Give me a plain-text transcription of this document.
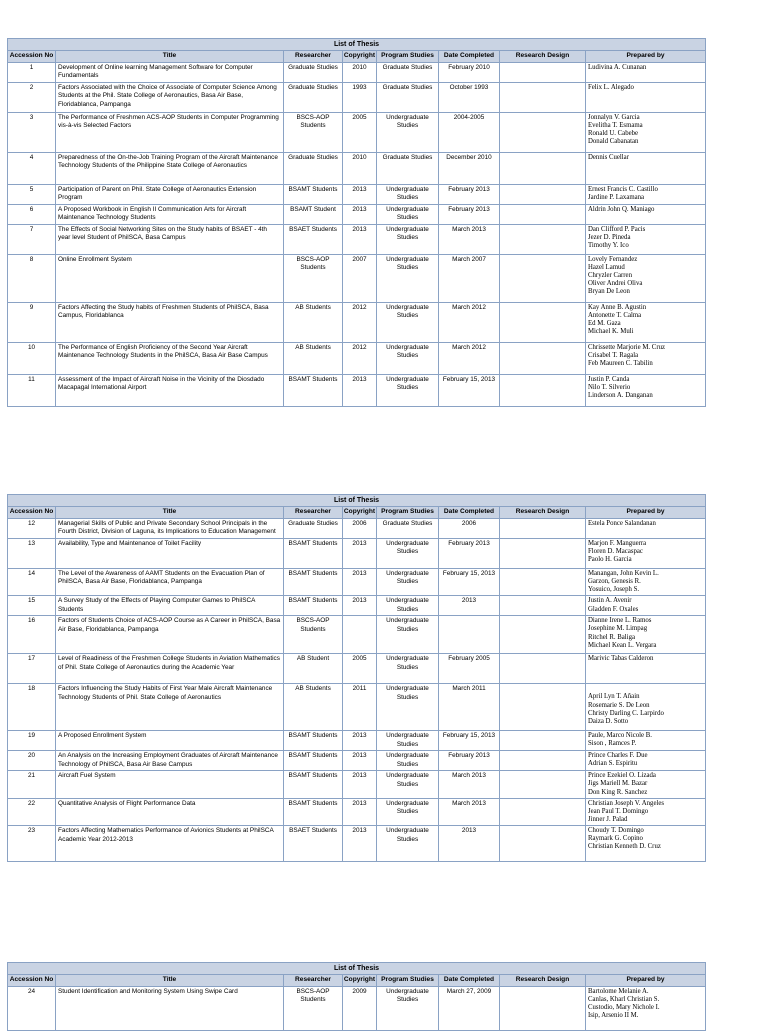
List of Thesis							
Accession No	Title	Researcher	Copyright	Program Studies	Date Completed	Research Design	Prepared by
1	Development of Online learning Management Software for Computer Fundamentals	Graduate Studies	2010	Graduate Studies	February 2010		Ludivina A. Cunanan

2	Factors Associated with the Choice of Associate of Computer Science Among Students at the Phil. State College of Aeronautics, Basa Air Base, Floridablanca, Pampanga	Graduate Studies	1993	Graduate Studies	October 1993		Felix L. Alegado

3	The Performance of Freshmen ACS-AOP Students in Computer Programming vis-à-vis Selected Factors	BSCS-AOP Students	2005	Undergraduate Studies	2004-2005		Jonnalyn V. Garcia
Evelitha T. Esmama
Ronald U. Cabebe
Donald Cabanatan

4	Preparedness of the On-the-Job Training Program of the Aircraft Maintenance Technology Students of the Philippine State College of Aeronautics	Graduate Studies	2010	Graduate Studies	December 2010		Dennis Cuellar

5	Participation of Parent on Phil. State College of Aeronautics Extension Program	BSAMT Students	2013	Undergraduate Studies	February 2013		Ernest Francis C. Castillo
Jardine P. Laxamana

6	A Proposed Workbook in English II Communication Arts for Aircraft Maintenance Technology Students	BSAMT Student	2013	Undergraduate Studies	February 2013		Aldrin John Q. Maniago

7	The Effects of Social Networking Sites on the Study habits of BSAET - 4th year level Student of PhilSCA, Basa Campus	BSAET Students	2013	Undergraduate Studies	March 2013		Dan Clifford P. Pacis
Jezer D. Pineda
Timothy Y. Ico

8	Online Enrollment System	BSCS-AOP Students	2007	Undergraduate Studies	March 2007		Lovely Fernandez
Hazel Lamud
Chryzler Carren
Oliver Andrei Oliva
Bryan De Leon

9	Factors Affecting the Study habits of Freshmen Students of PhilSCA, Basa Campus, Floridablanca	AB Students	2012	Undergraduate Studies	March 2012		Kay Anne B. Agustin
Antonette T. Calma
Ed M. Gaza
Michael K. Muli

10	The Performance of English Proficiency of the Second Year Aircraft Maintenance Technology Students in the PhilSCA, Basa Air Base Campus	AB Students	2012	Undergraduate Studies	March 2012		Chrissette Marjorie M. Cruz
Crisabel T. Ragala
Feb Maureen C. Tabilin

11	Assessment of the Impact of Aircraft Noise in the Vicinity of the Diosdado Macapagal International Airport	BSAMT Students	2013	Undergraduate Studies	February 15, 2013		Justin P. Canda
Nilo T. Silverio
Linderson A. Danganan
List of Thesis							
Accession No	Title	Researcher	Copyright	Program Studies	Date Completed	Research Design	Prepared by
12	Managerial Skills of Public and Private Secondary School Principals in the Fourth District, Division of Laguna, its Implications to Education Management	Graduate Studies	2006	Graduate Studies	2006		Estela Ponce Salandanan

13	Availability, Type and Maintenance of Toilet Facility	BSAMT Students	2013	Undergraduate Studies	February 2013		Marjon F. Manguerra
Floren D. Macaspac
Paolo H. Garcia

14	The Level of the Awareness of AAMT Students on the Evacuation Plan of PhilSCA, Basa Air Base, Floridablanca, Pampanga	BSAMT Students	2013	Undergraduate Studies	February 15, 2013		Manangan, John Kevin L.
Garzon, Genesis R.
Yosuico, Joseph S.

15	A Survey Study of the Effects of Playing Computer Games to PhilSCA Students	BSAMT Students	2013	Undergraduate Studies	2013		Justin A. Avenir
Gladden F. Oxales

16	Factors of Students Choice of ACS-AOP Course as A Career in PhilSCA, Basa Air Base, Floridablanca, Pampanga	BSCS-AOP Students		Undergraduate Studies			Dianne Irene L. Ramos
Josephine M. Limpag
Ritchel R. Baliga
Michael Kean L. Vergara

17	Level of Readiness of the Freshmen College Students in Aviation Mathematics of Phil. State College of Aeronautics during the Academic Year	AB Student	2005	Undergraduate Studies	February 2005		Marivic Tabas Calderon

18	Factors Influencing the Study Habits of First Year Male Aircraft Maintenance Technology Students of Phil. State College of Aeronautics	AB Students	2011	Undergraduate Studies	March 2011		April Lyn T. Añain
Rosemarie S. De Leon
Christy Darling C. Larpirdo
Daiza D. Sotto

19	A Proposed Enrollment System	BSAMT Students	2013	Undergraduate Studies	February 15, 2013		Paule, Marco Nicole B.
Sison , Ramces P.

20	An Analysis on the Increasing Employment Graduates of Aircraft Maintenance Technology of PhilSCA, Basa Air Base Campus	BSAMT Students	2013	Undergraduate Studies	February 2013		Prince Charles F. Due
Adrian S. Espiritu

21	Aircraft Fuel System	BSAMT Students	2013	Undergraduate Studies	March 2013		Prince Ezekiel O. Lizada
Jigs Mariell M. Bazar
Don King R. Sanchez

22	Quantitative Analysis of Flight Performance Data	BSAMT Students	2013	Undergraduate Studies	March 2013		Christian Joseph V. Angeles
Jean Paul T. Domingo
Jinner J. Palad

23	Factors Affecting Mathematics Performance of Avionics Students at PhilSCA Academic Year 2012-2013	BSAET Students	2013	Undergraduate Studies	2013		Choudy T. Domingo
Raymark G. Copino
Christian Kenneth D. Cruz
List of Thesis							
Accession No	Title	Researcher	Copyright	Program Studies	Date Completed	Research Design	Prepared by
24	Student Identification and Monitoring System Using Swipe Card	BSCS-AOP Students	2009	Undergraduate Studies	March 27, 2009		Bartolome Melanie A.
Canlas, Kharl Christian S.
Custodio, Mary Nichole I.
Isip, Arsenio II M.
